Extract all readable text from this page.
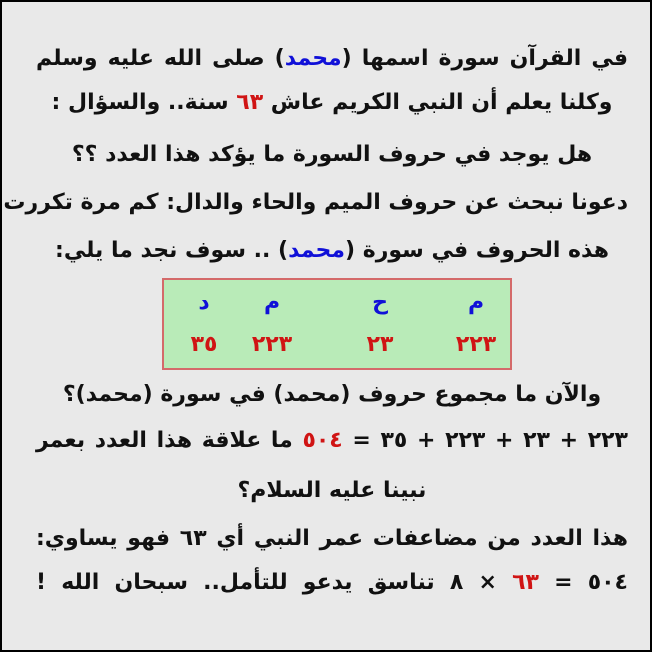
في القرآن سورة اسمها (محمد) صلى الله عليه وسلم
وكلنا يعلم أن النبي الكريم عاش ٦٣ سنة.. والسؤال :
هل يوجد في حروف السورة ما يؤكد هذا العدد ؟؟
دعونا نبحث عن حروف الميم والحاء والدال: كم مرة تكررت
هذه الحروف في سورة (محمد) .. سوف نجد ما يلي:
م
ح
م
د
٢٢٣
٢٣
٢٢٣
٣٥
والآن ما مجموع حروف (محمد) في سورة (محمد)؟
٢٢٣ + ٢٣ + ٢٢٣ + ٣٥ = ٥٠٤ ما علاقة هذا العدد بعمر
نبينا عليه السلام؟
هذا العدد من مضاعفات عمر النبي أي ٦٣ فهو يساوي:
٥٠٤ = ٦٣ × ٨ تناسق يدعو للتأمل.. سبحان الله !
